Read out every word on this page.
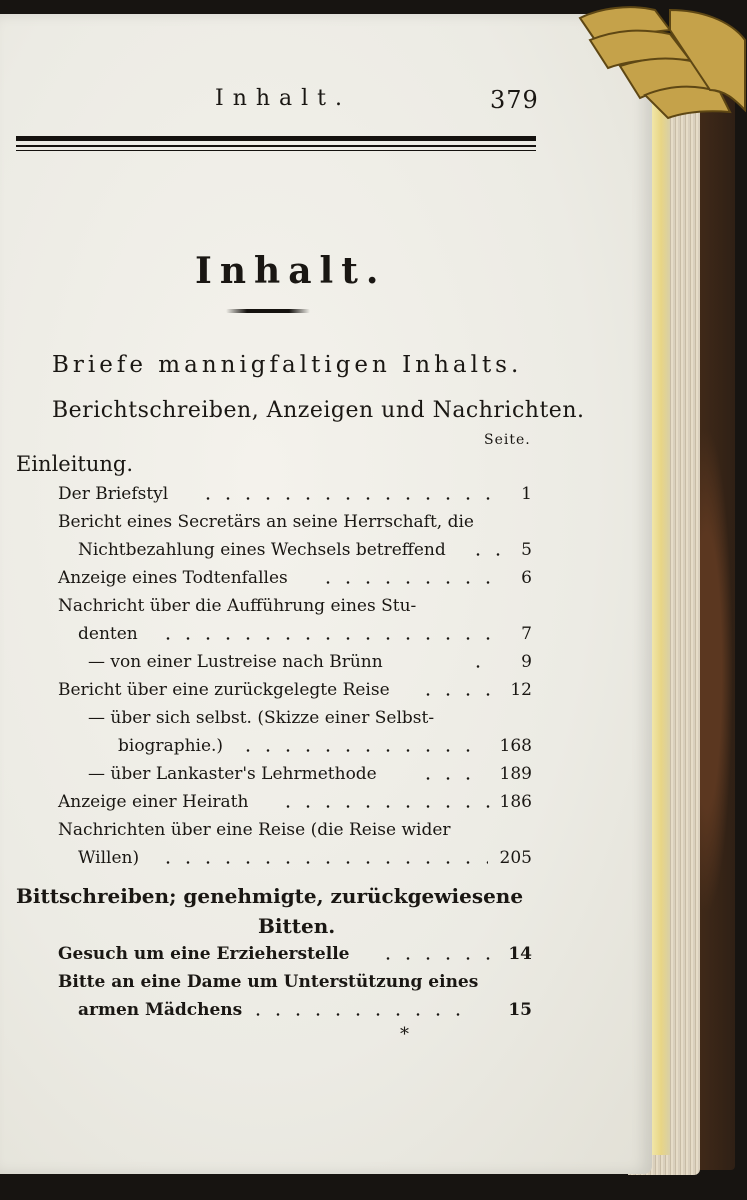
Inhalt.	379
Inhalt.
Briefe mannigfaltigen Inhalts.
Berichtschreiben, Anzeigen und Nachrichten.
Seite.
Einleitung.
Der Briefstyl	1
Bericht eines Secretärs an seine Herrschaft, die
Nichtbezahlung eines Wechsels betreffend	5
Anzeige eines Todtenfalles	6
Nachricht über die Aufführung eines Stu-
denten	7
— von einer Lustreise nach Brünn	9
Bericht über eine zurückgelegte Reise	12
— über sich selbst. (Skizze einer Selbst-
biographie.)	168
— über Lankaster's Lehrmethode	189
Anzeige einer Heirath	186
Nachrichten über eine Reise (die Reise wider
Willen)	205
Bittschreiben; genehmigte, zurückgewiesene
Bitten.
Gesuch um eine Erzieherstelle	14
Bitte an eine Dame um Unterstützung eines
armen Mädchens	15
*
